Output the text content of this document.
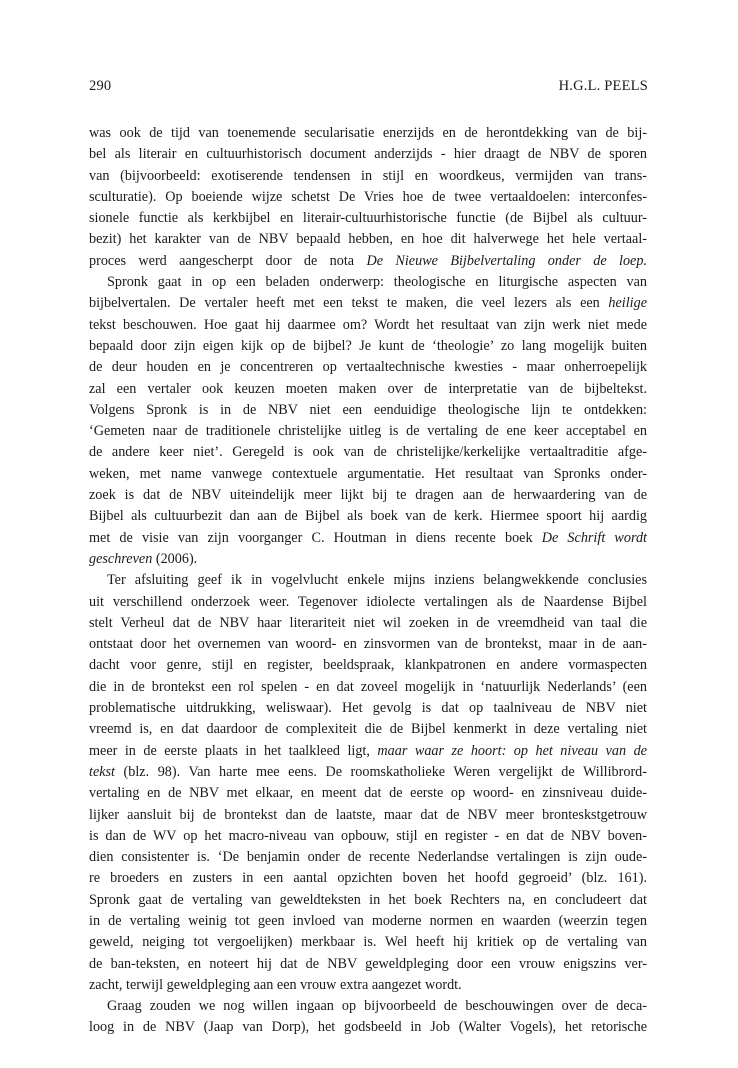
290	H.G.L. PEELS
was ook de tijd van toenemende secularisatie enerzijds en de herontdekking van de bij-
bel als literair en cultuurhistorisch document anderzijds - hier draagt de NBV de sporen
van (bijvoorbeeld: exotiserende tendensen in stijl en woordkeus, vermijden van trans-
sculturatie). Op boeiende wijze schetst De Vries hoe de twee vertaaldoelen: interconfes-
sionele functie als kerkbijbel en literair-cultuurhistorische functie (de Bijbel als cultuur-
bezit) het karakter van de NBV bepaald hebben, en hoe dit halverwege het hele vertaal-
proces werd aangescherpt door de nota De Nieuwe Bijbelvertaling onder de loep.
Spronk gaat in op een beladen onderwerp: theologische en liturgische aspecten van
bijbelvertalen. De vertaler heeft met een tekst te maken, die veel lezers als een heilige
tekst beschouwen. Hoe gaat hij daarmee om? Wordt het resultaat van zijn werk niet mede
bepaald door zijn eigen kijk op de bijbel? Je kunt de ‘theologie’ zo lang mogelijk buiten
de deur houden en je concentreren op vertaaltechnische kwesties - maar onherroepelijk
zal een vertaler ook keuzen moeten maken over de interpretatie van de bijbeltekst.
Volgens Spronk is in de NBV niet een eenduidige theologische lijn te ontdekken:
‘Gemeten naar de traditionele christelijke uitleg is de vertaling de ene keer acceptabel en
de andere keer niet’. Geregeld is ook van de christelijke/kerkelijke vertaaltraditie afge-
weken, met name vanwege contextuele argumentatie. Het resultaat van Spronks onder-
zoek is dat de NBV uiteindelijk meer lijkt bij te dragen aan de herwaardering van de
Bijbel als cultuurbezit dan aan de Bijbel als boek van de kerk. Hiermee spoort hij aardig
met de visie van zijn voorganger C. Houtman in diens recente boek De Schrift wordt
geschreven (2006).
Ter afsluiting geef ik in vogelvlucht enkele mijns inziens belangwekkende conclusies
uit verschillend onderzoek weer. Tegenover idiolecte vertalingen als de Naardense Bijbel
stelt Verheul dat de NBV haar literariteit niet wil zoeken in de vreemdheid van taal die
ontstaat door het overnemen van woord- en zinsvormen van de brontekst, maar in de aan-
dacht voor genre, stijl en register, beeldspraak, klankpatronen en andere vormaspecten
die in de brontekst een rol spelen - en dat zoveel mogelijk in ‘natuurlijk Nederlands’ (een
problematische uitdrukking, weliswaar). Het gevolg is dat op taalniveau de NBV niet
vreemd is, en dat daardoor de complexiteit die de Bijbel kenmerkt in deze vertaling niet
meer in de eerste plaats in het taalkleed ligt, maar waar ze hoort: op het niveau van de
tekst (blz. 98). Van harte mee eens. De roomskatholieke Weren vergelijkt de Willibrord-
vertaling en de NBV met elkaar, en meent dat de eerste op woord- en zinsniveau duide-
lijker aansluit bij de brontekst dan de laatste, maar dat de NBV meer bronteskstgetrouw
is dan de WV op het macro-niveau van opbouw, stijl en register - en dat de NBV boven-
dien consistenter is. ‘De benjamin onder de recente Nederlandse vertalingen is zijn oude-
re broeders en zusters in een aantal opzichten boven het hoofd gegroeid’ (blz. 161).
Spronk gaat de vertaling van geweldteksten in het boek Rechters na, en concludeert dat
in de vertaling weinig tot geen invloed van moderne normen en waarden (weerzin tegen
geweld, neiging tot vergoelijken) merkbaar is. Wel heeft hij kritiek op de vertaling van
de ban-teksten, en noteert hij dat de NBV geweldpleging door een vrouw enigszins ver-
zacht, terwijl geweldpleging aan een vrouw extra aangezet wordt.
Graag zouden we nog willen ingaan op bijvoorbeeld de beschouwingen over de deca-
loog in de NBV (Jaap van Dorp), het godsbeeld in Job (Walter Vogels), het retorische
